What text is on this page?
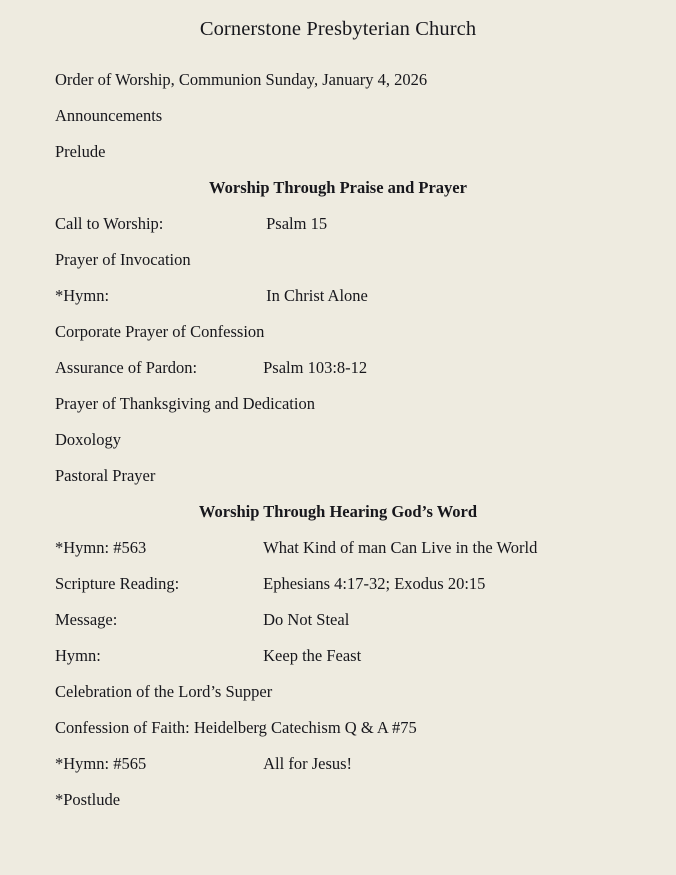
Cornerstone Presbyterian Church
Order of Worship, Communion Sunday, January 4, 2026
Announcements
Prelude
Worship Through Praise and Prayer
Call to Worship:	Psalm 15
Prayer of Invocation
*Hymn:	In Christ Alone
Corporate Prayer of Confession
Assurance of Pardon:	Psalm 103:8-12
Prayer of Thanksgiving and Dedication
Doxology
Pastoral Prayer
Worship Through Hearing God’s Word
*Hymn: #563	What Kind of man Can Live in the World
Scripture Reading:	Ephesians 4:17-32; Exodus 20:15
Message:	Do Not Steal
Hymn:	Keep the Feast
Celebration of the Lord’s Supper
Confession of Faith: Heidelberg Catechism Q & A #75
*Hymn: #565	All for Jesus!
*Postlude
